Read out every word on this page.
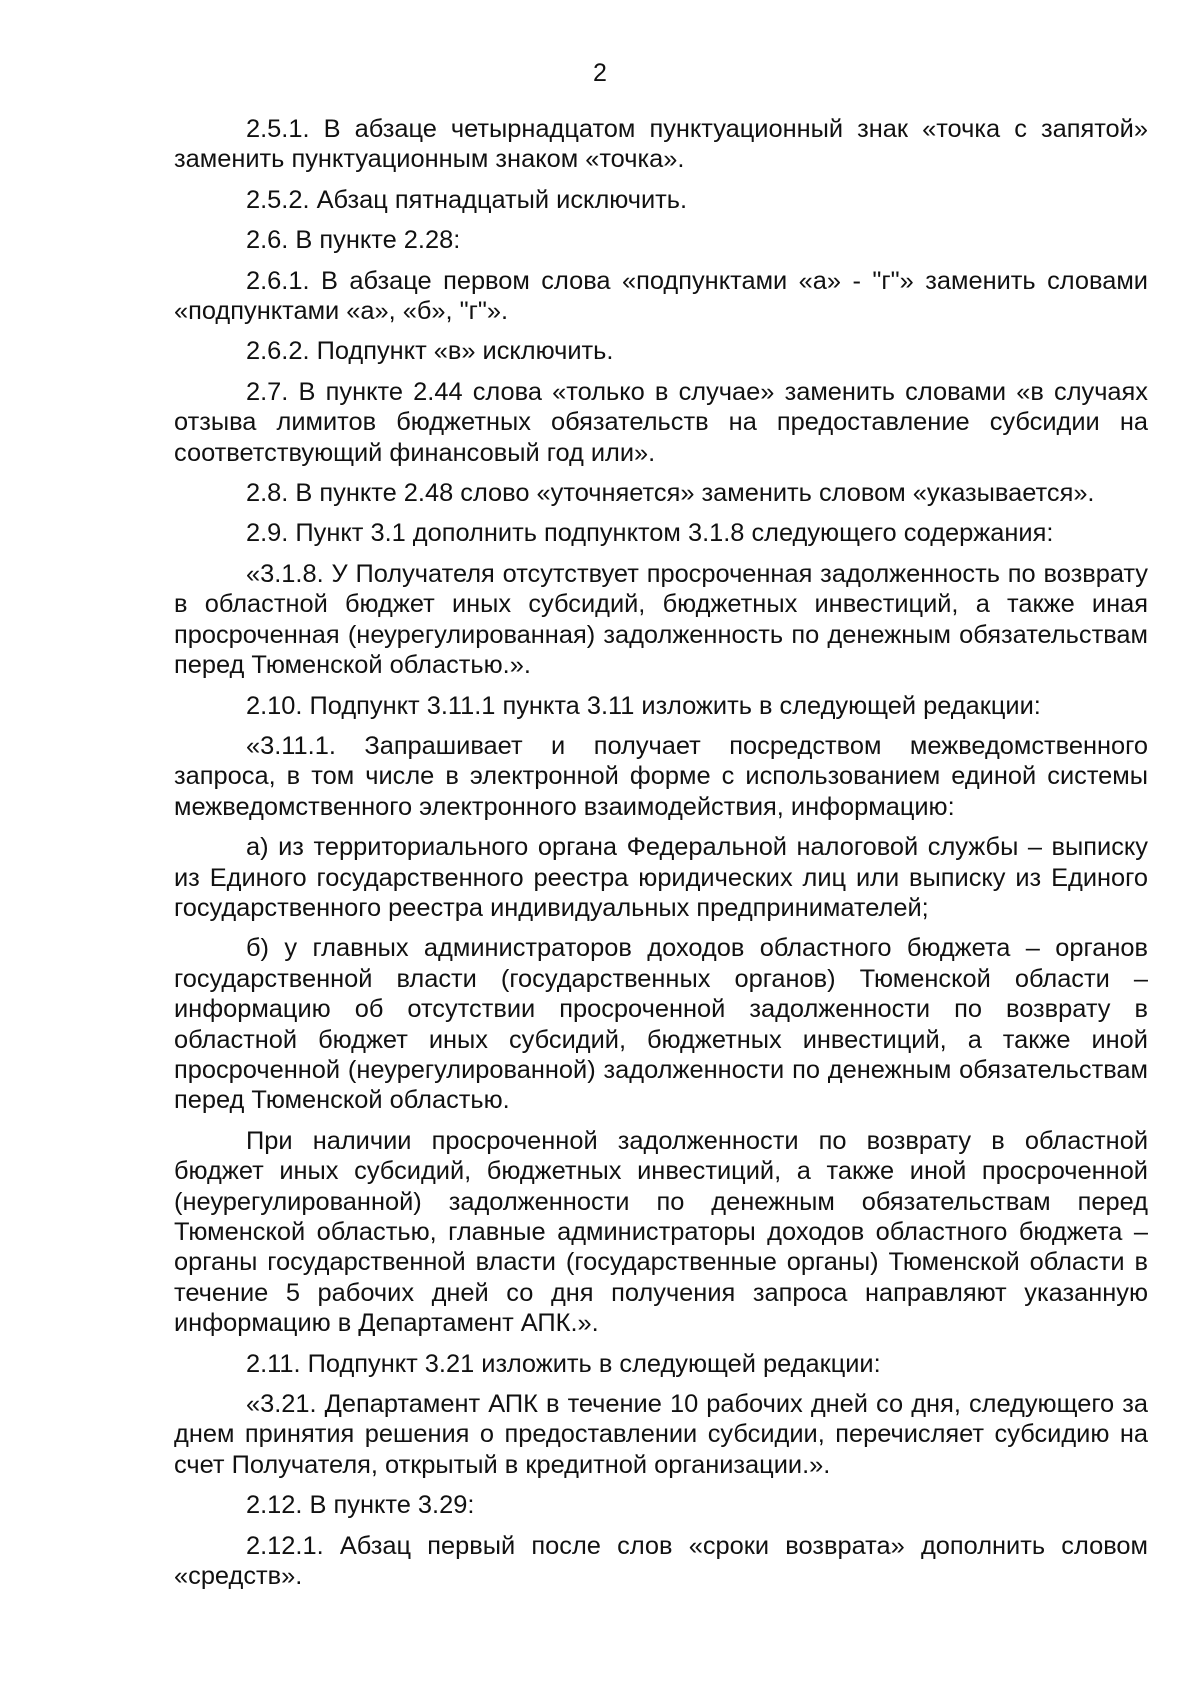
2

2.5.1. В абзаце четырнадцатом пунктуационный знак «точка с запятой» заменить пунктуационным знаком «точка».

2.5.2. Абзац пятнадцатый исключить.

2.6. В пункте 2.28:

2.6.1. В абзаце первом слова «подпунктами «а» - "г"» заменить словами «подпунктами «а», «б», "г"».

2.6.2. Подпункт «в» исключить.

2.7. В пункте 2.44 слова «только в случае» заменить словами «в случаях отзыва лимитов бюджетных обязательств на предоставление субсидии на соответствующий финансовый год или».

2.8. В пункте 2.48 слово «уточняется» заменить словом «указывается».

2.9. Пункт 3.1 дополнить подпунктом 3.1.8 следующего содержания:

«3.1.8. У Получателя отсутствует просроченная задолженность по возврату в областной бюджет иных субсидий, бюджетных инвестиций, а также иная просроченная (неурегулированная) задолженность по денежным обязательствам перед Тюменской областью.».

2.10. Подпункт 3.11.1 пункта 3.11 изложить в следующей редакции:

«3.11.1. Запрашивает и получает посредством межведомственного запроса, в том числе в электронной форме с использованием единой системы межведомственного электронного взаимодействия, информацию:

а) из территориального органа Федеральной налоговой службы – выписку из Единого государственного реестра юридических лиц или выписку из Единого государственного реестра индивидуальных предпринимателей;

б) у главных администраторов доходов областного бюджета – органов государственной власти (государственных органов) Тюменской области – информацию об отсутствии просроченной задолженности по возврату в областной бюджет иных субсидий, бюджетных инвестиций, а также иной просроченной (неурегулированной) задолженности по денежным обязательствам перед Тюменской областью.

При наличии просроченной задолженности по возврату в областной бюджет иных субсидий, бюджетных инвестиций, а также иной просроченной (неурегулированной) задолженности по денежным обязательствам перед Тюменской областью, главные администраторы доходов областного бюджета – органы государственной власти (государственные органы) Тюменской области в течение 5 рабочих дней со дня получения запроса направляют указанную информацию в Департамент АПК.».

2.11. Подпункт 3.21 изложить в следующей редакции:

«3.21. Департамент АПК в течение 10 рабочих дней со дня, следующего за днем принятия решения о предоставлении субсидии, перечисляет субсидию на счет Получателя, открытый в кредитной организации.».

2.12. В пункте 3.29:

2.12.1. Абзац первый после слов «сроки возврата» дополнить словом «средств».
